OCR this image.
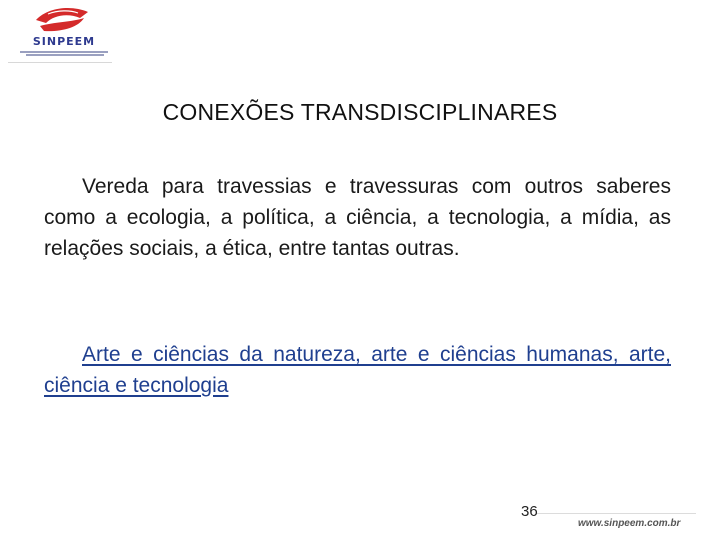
SINPEEM
CONEXÕES TRANSDISCIPLINARES
Vereda para travessias e travessuras com outros saberes como a ecologia, a política, a ciência, a tecnologia, a mídia, as relações sociais, a ética, entre tantas outras.
Arte e ciências da natureza, arte e ciências humanas, arte, ciência e tecnologia
36
www.sinpeem.com.br
